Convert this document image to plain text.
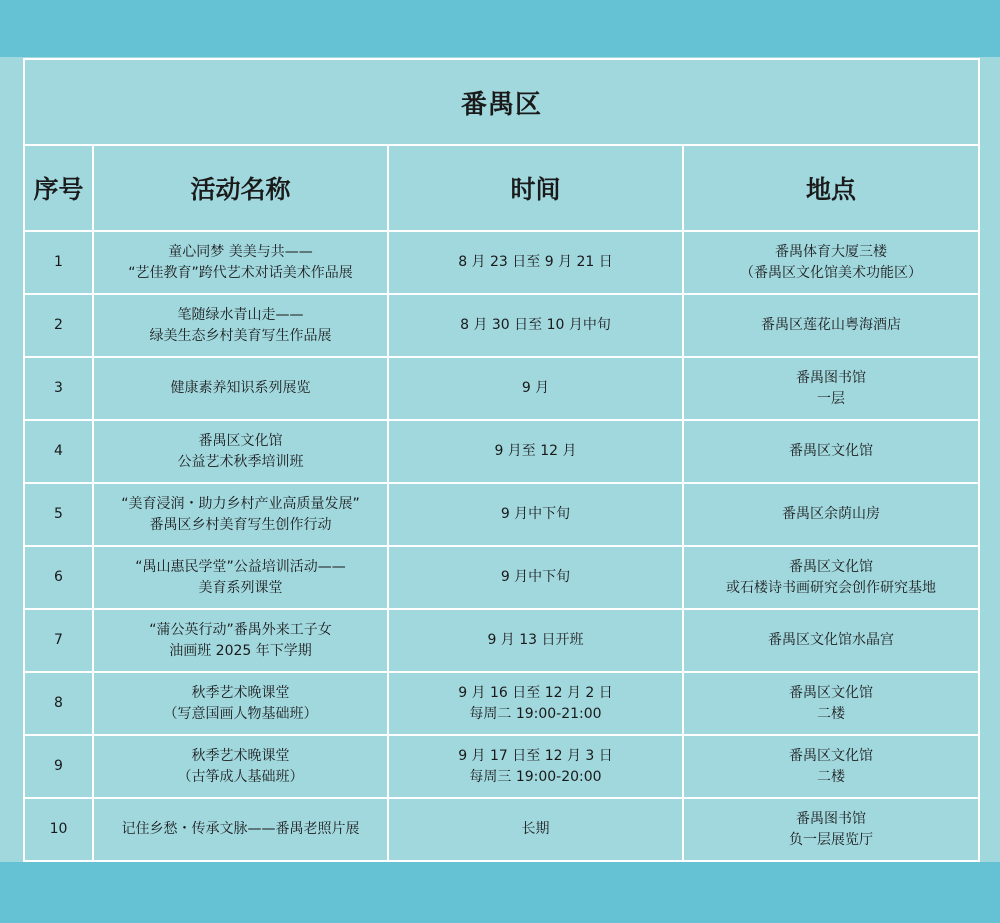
番禺区			
序号	活动名称	时间	地点
1	童心同梦 美美与共——
“艺佳教育”跨代艺术对话美术作品展	8 月 23 日至 9 月 21 日	番禺体育大厦三楼
（番禺区文化馆美术功能区）

2	笔随绿水青山走——
绿美生态乡村美育写生作品展	8 月 30 日至 10 月中旬	番禺区莲花山粤海酒店

3	健康素养知识系列展览	9 月	番禺图书馆
一层

4	番禺区文化馆
公益艺术秋季培训班	9 月至 12 月	番禺区文化馆

5	“美育浸润・助力乡村产业高质量发展”
番禺区乡村美育写生创作行动	9 月中下旬	番禺区余荫山房

6	“禺山惠民学堂”公益培训活动——
美育系列课堂	9 月中下旬	番禺区文化馆
或石楼诗书画研究会创作研究基地

7	“蒲公英行动”番禺外来工子女
油画班 2025 年下学期	9 月 13 日开班	番禺区文化馆水晶宫

8	秋季艺术晚课堂
（写意国画人物基础班）	9 月 16 日至 12 月 2 日
每周二 19:00-21:00	番禺区文化馆
二楼

9	秋季艺术晚课堂
（古筝成人基础班）	9 月 17 日至 12 月 3 日
每周三 19:00-20:00	番禺区文化馆
二楼

10	记住乡愁・传承文脉——番禺老照片展	长期	番禺图书馆
负一层展览厅
